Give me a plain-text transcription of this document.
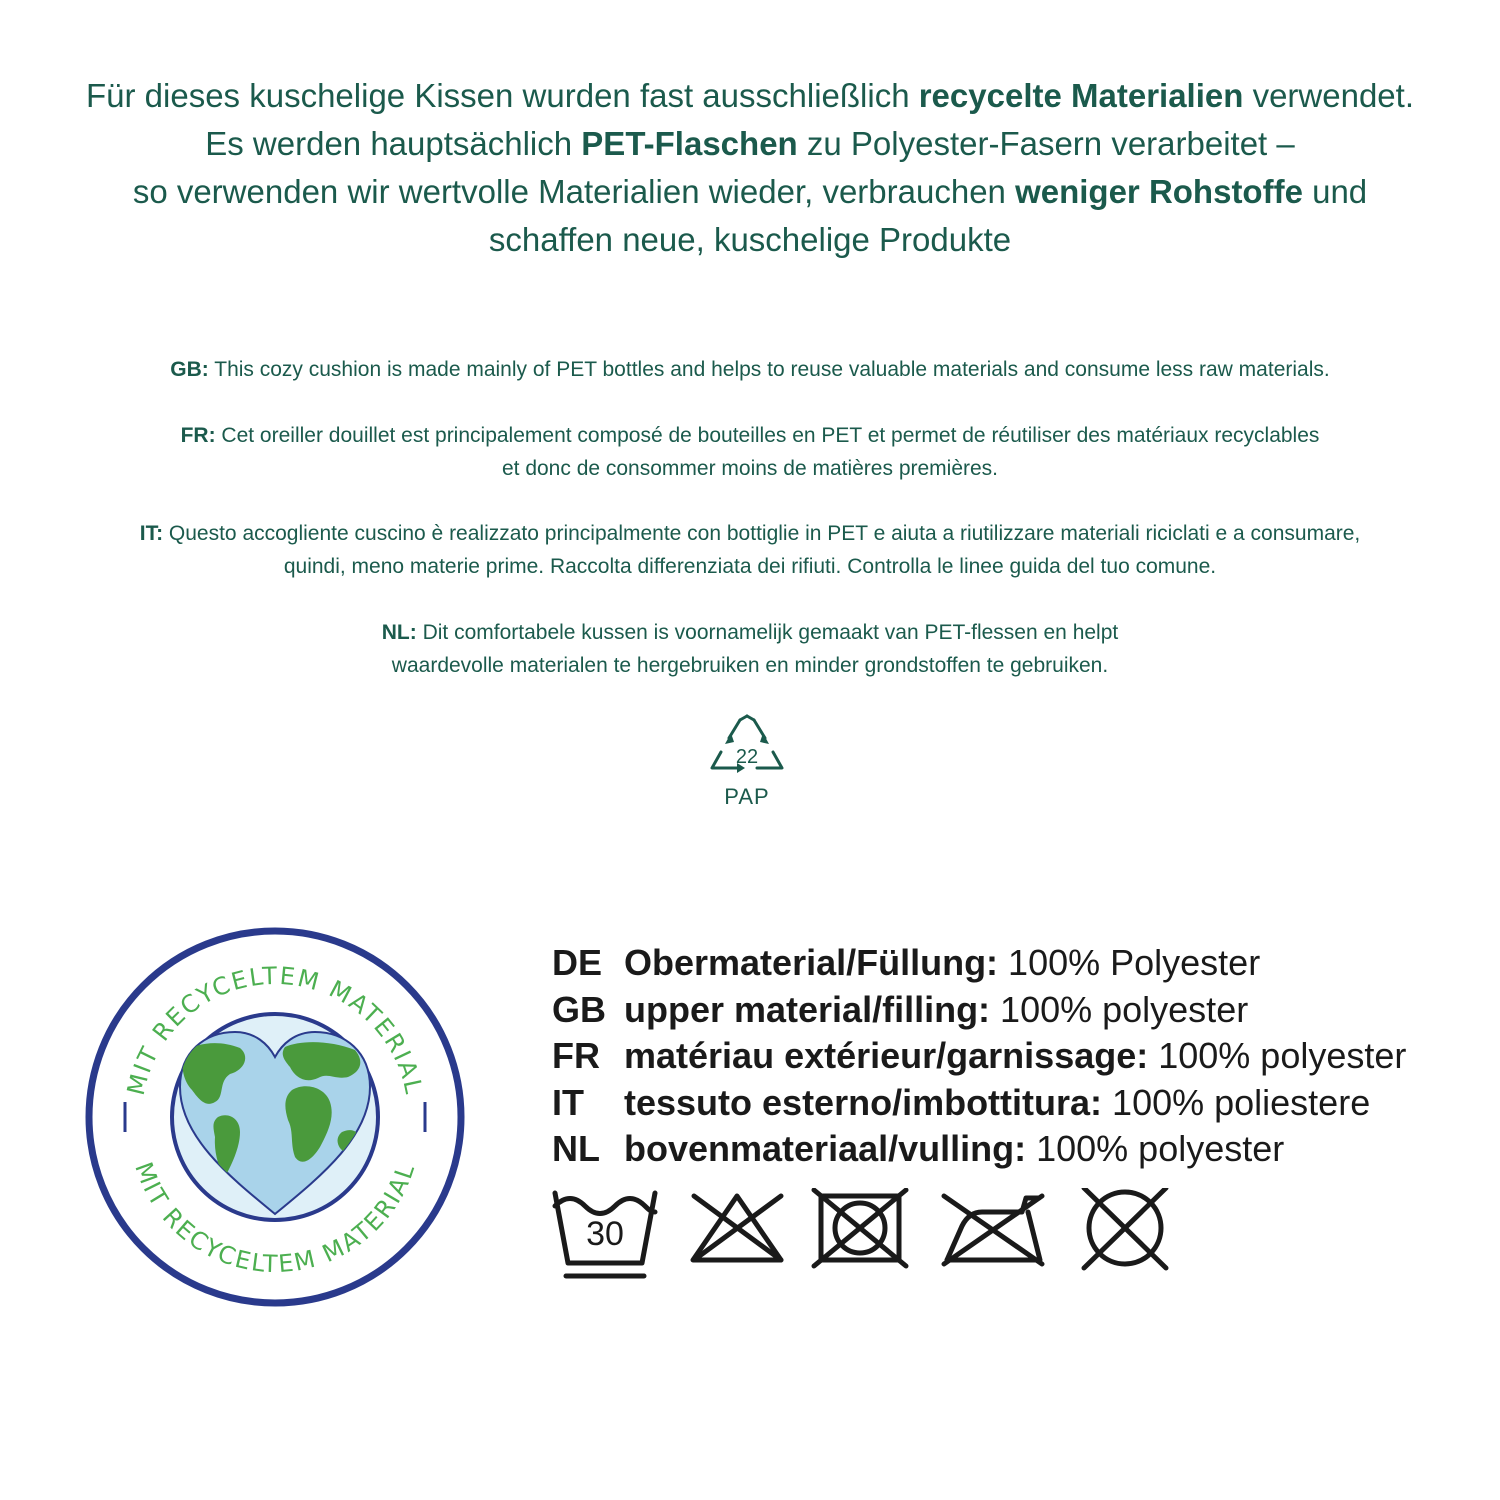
Für dieses kuschelige Kissen wurden fast ausschließlich recycelte Materialien verwendet.
Es werden hauptsächlich PET-Flaschen zu Polyester-Fasern verarbeitet –
so verwenden wir wertvolle Materialien wieder, verbrauchen weniger Rohstoffe und
schaffen neue, kuschelige Produkte

GB: This cozy cushion is made mainly of PET bottles and helps to reuse valuable materials and consume less raw materials.

FR: Cet oreiller douillet est principalement composé de bouteilles en PET et permet de réutiliser des matériaux recyclables
et donc de consommer moins de matières premières.

IT: Questo accogliente cuscino è realizzato principalmente con bottiglie in PET e aiuta a riutilizzare materiali riciclati e a consumare,
quindi, meno materie prime. Raccolta differenziata dei rifiuti. Controlla le linee guida del tuo comune.

NL: Dit comfortabele kussen is voornamelijk gemaakt van PET-flessen en helpt
waardevolle materialen te hergebruiken en minder grondstoffen te gebruiken.

22
PAP
MIT RECYCELTEM MATERIAL
MIT RECYCELTEM MATERIAL
DE Obermaterial/Füllung: 100% Polyester
GB upper material/filling: 100% polyester
FR matériau extérieur/garnissage: 100% polyester
IT	tessuto esterno/imbottitura: 100% poliestere
NL bovenmateriaal/vulling: 100% polyester
30
